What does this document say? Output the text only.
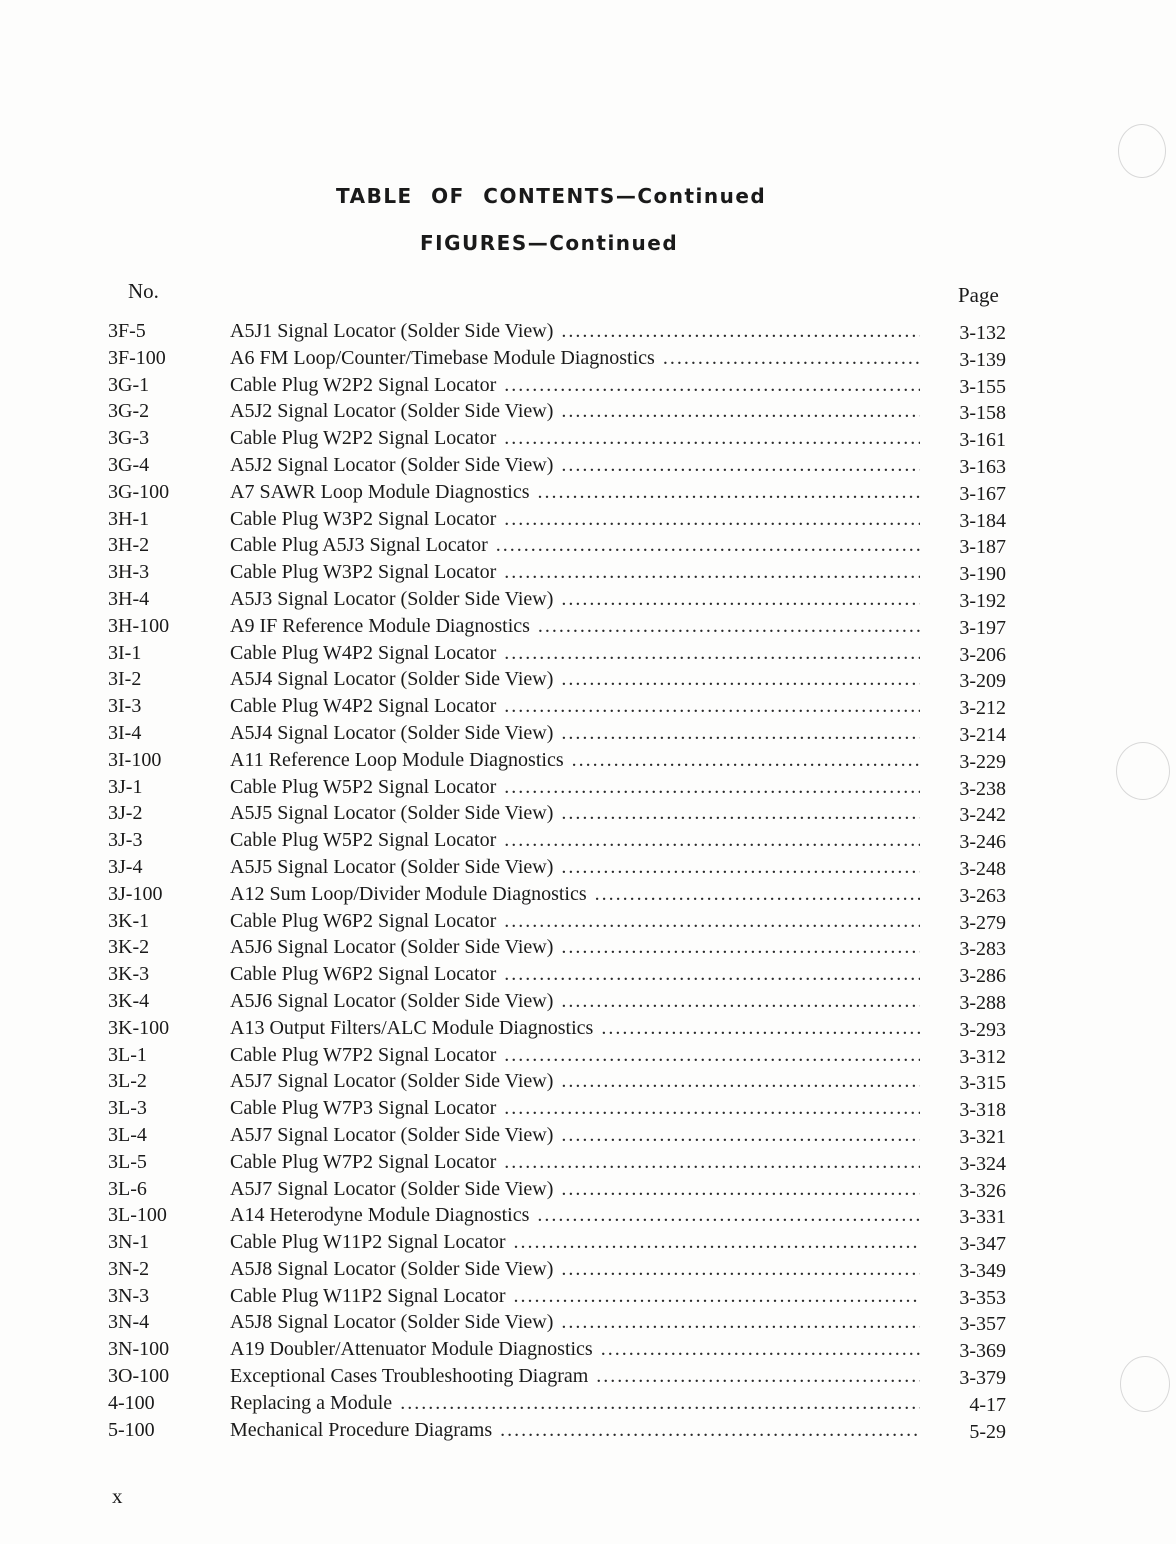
TABLE OF CONTENTS—Continued
FIGURES—Continued
No.	Page
3F-5	A5J1 Signal Locator (Solder Side View) .....	3-132
3F-100	A6 FM Loop/Counter/Timebase Module Diagnostics .....	3-139
3G-1	Cable Plug W2P2 Signal Locator .....	3-155
3G-2	A5J2 Signal Locator (Solder Side View) .....	3-158
3G-3	Cable Plug W2P2 Signal Locator .....	3-161
3G-4	A5J2 Signal Locator (Solder Side View) .....	3-163
3G-100	A7 SAWR Loop Module Diagnostics .....	3-167
3H-1	Cable Plug W3P2 Signal Locator .....	3-184
3H-2	Cable Plug A5J3 Signal Locator .....	3-187
3H-3	Cable Plug W3P2 Signal Locator .....	3-190
3H-4	A5J3 Signal Locator (Solder Side View) .....	3-192
3H-100	A9 IF Reference Module Diagnostics .....	3-197
3I-1	Cable Plug W4P2 Signal Locator .....	3-206
3I-2	A5J4 Signal Locator (Solder Side View) .....	3-209
3I-3	Cable Plug W4P2 Signal Locator .....	3-212
3I-4	A5J4 Signal Locator (Solder Side View) .....	3-214
3I-100	A11 Reference Loop Module Diagnostics .....	3-229
3J-1	Cable Plug W5P2 Signal Locator .....	3-238
3J-2	A5J5 Signal Locator (Solder Side View) .....	3-242
3J-3	Cable Plug W5P2 Signal Locator .....	3-246
3J-4	A5J5 Signal Locator (Solder Side View) .....	3-248
3J-100	A12 Sum Loop/Divider Module Diagnostics .....	3-263
3K-1	Cable Plug W6P2 Signal Locator .....	3-279
3K-2	A5J6 Signal Locator (Solder Side View) .....	3-283
3K-3	Cable Plug W6P2 Signal Locator .....	3-286
3K-4	A5J6 Signal Locator (Solder Side View) .....	3-288
3K-100	A13 Output Filters/ALC Module Diagnostics .....	3-293
3L-1	Cable Plug W7P2 Signal Locator .....	3-312
3L-2	A5J7 Signal Locator (Solder Side View) .....	3-315
3L-3	Cable Plug W7P3 Signal Locator .....	3-318
3L-4	A5J7 Signal Locator (Solder Side View) .....	3-321
3L-5	Cable Plug W7P2 Signal Locator .....	3-324
3L-6	A5J7 Signal Locator (Solder Side View) .....	3-326
3L-100	A14 Heterodyne Module Diagnostics .....	3-331
3N-1	Cable Plug W11P2 Signal Locator .....	3-347
3N-2	A5J8 Signal Locator (Solder Side View) .....	3-349
3N-3	Cable Plug W11P2 Signal Locator .....	3-353
3N-4	A5J8 Signal Locator (Solder Side View) .....	3-357
3N-100	A19 Doubler/Attenuator Module Diagnostics .....	3-369
3O-100	Exceptional Cases Troubleshooting Diagram .....	3-379
4-100	Replacing a Module .....	4-17
5-100	Mechanical Procedure Diagrams .....	5-29
x
